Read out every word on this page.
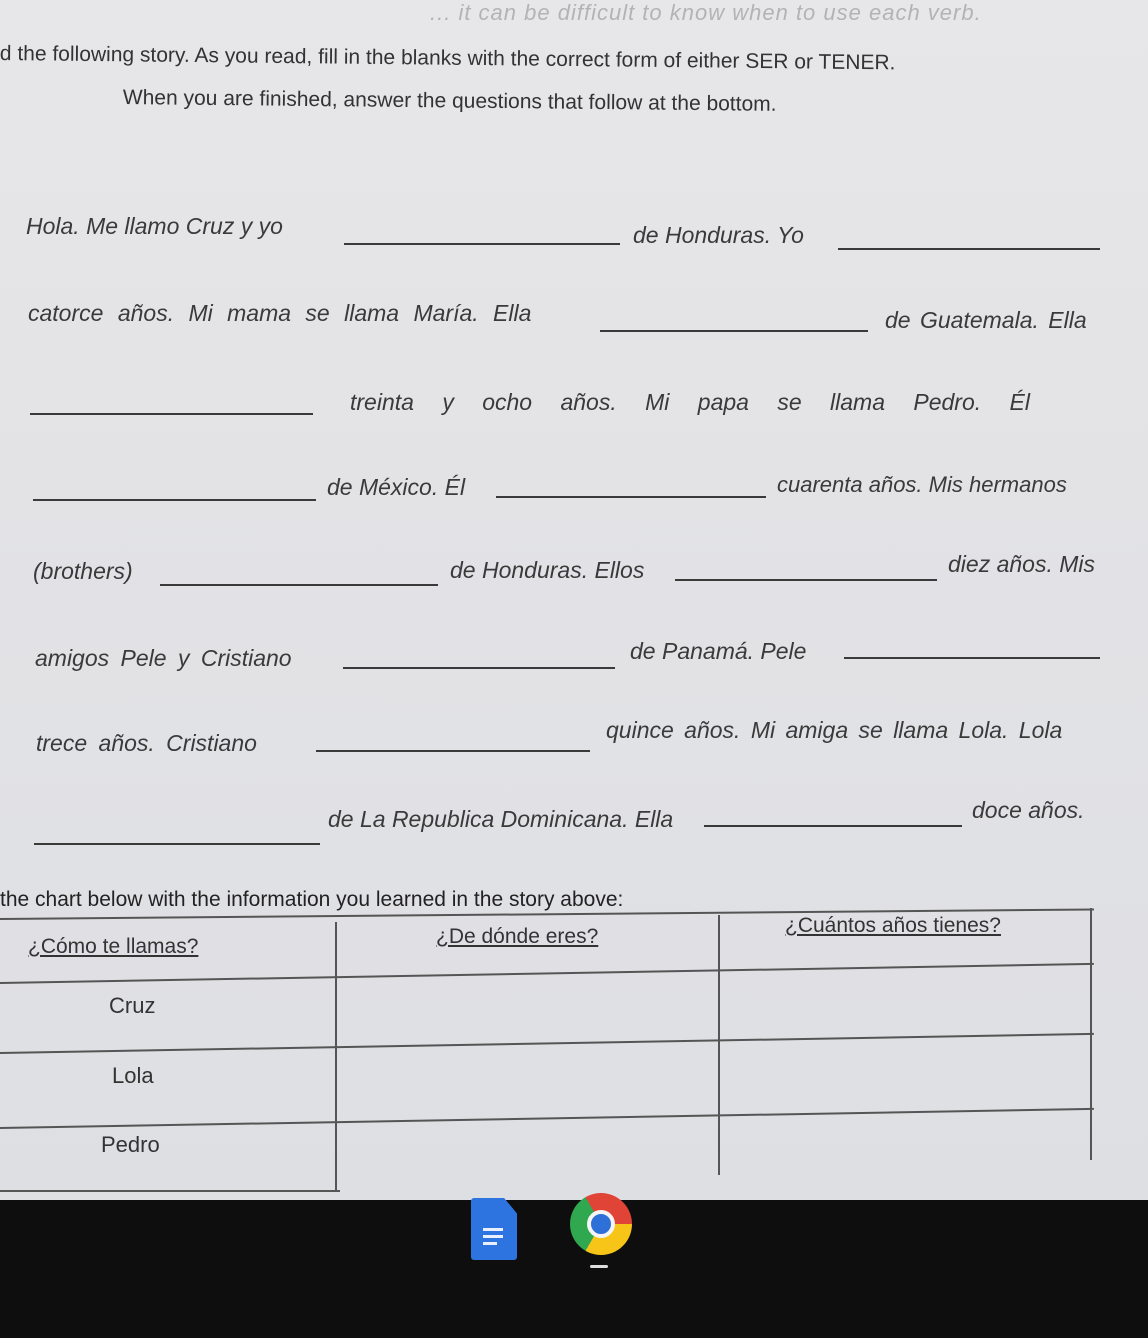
... it can be difficult to know when to use each verb.
d the following story. As you read, fill in the blanks with the correct form of either SER or TENER.
When you are finished, answer the questions that follow at the bottom.
Hola. Me llamo Cruz y yo	de Honduras. Yo
catorce años. Mi mama se llama María. Ella	de Guatemala. Ella
treinta y ocho años. Mi papa se llama Pedro. Él
de México. Él	cuarenta años. Mis hermanos
(brothers)	de Honduras. Ellos	diez años. Mis
amigos Pele y Cristiano	de Panamá. Pele
trece años. Cristiano	quince años. Mi amiga se llama Lola. Lola
de La Republica Dominicana. Ella	doce años.
the chart below with the information you learned in the story above:
¿Cómo te llamas?	¿De dónde eres?	¿Cuántos años tienes?
Cruz
Lola
Pedro
